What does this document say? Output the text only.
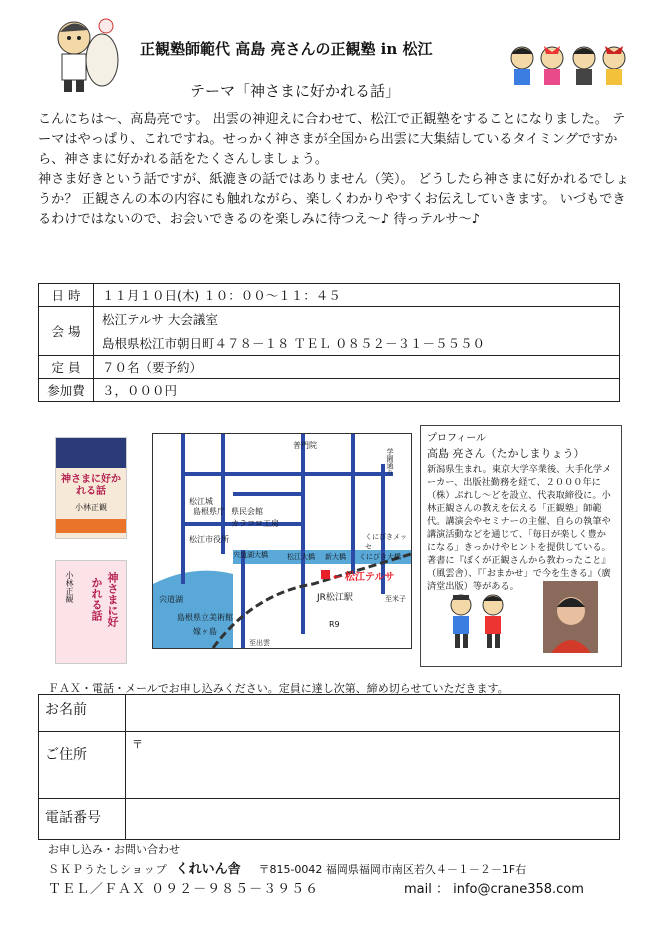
正観塾師範代 高島 亮さんの正観塾 in 松江
テーマ「神さまに好かれる話」

こんにちは～、高島亮です。 出雲の神迎えに合わせて、松江で正観塾をすることになりました。 テーマはやっぱり、これですね。せっかく神さまが全国から出雲に大集結しているタイミングですから、神さまに好かれる話をたくさんしましょう。

神さま好きという話ですが、紙漉きの話ではありません（笑）。 どうしたら神さまに好かれるでしょうか？ 正観さんの本の内容にも触れながら、楽しくわかりやすくお伝えしていきます。 いづもできるわけではないので、お会いできるのを楽しみに待つえ～♪ 待っテルサ～♪

日 時	１１月１０日(木) １０：００～１１：４５
会 場	松江テルサ 大会議室
島根県松江市朝日町４７８－１８ ＴＥＬ ０８５２－３１－５５５０

定 員	７０名（要予約）
参加費	３，０００円
神さまに好かれる話
小林正観
神さまに好かれる話
小林正観
松江城
島根県庁 県民会館
カラコロ工房
島根県立美術館
宍道湖
宍道湖大橋	松江大橋 新大橋 くにびき大橋
くにびきメッセ
JR松江駅
普門院
松江市役所
学園通り
嫁ヶ島
至米子
至出雲
R9
← 松江テルサ
プロフィール
高島 亮さん（たかしまりょう）
新潟県生まれ。東京大学卒業後、大手化学メーカー、出版社勤務を経て、２０００年に（株）ぷれし～どを設立、代表取締役に。小林正観さんの教えを伝える「正観塾」師範代。講演会やセミナーの主催、自らの執筆や講演活動などを通じて、「毎日が楽しく豊かになる」きっかけやヒントを提供している。 著書に『ぼくが正観さんから教わったこと』（風雲舎）、『「おまかせ」で今を生きる』（廣済堂出版）等がある。
ＦＡＸ・電話・メールでお申し込みください。定員に達し次第、締め切らせていただきます。
お名前	
ご住所	〒
電話番号	
お申し込み・お問い合わせ
ＳＫＰうたしショップ くれいん舎 〒815-0042 福岡県福岡市南区若久４－１－２－1F右
ＴＥＬ／ＦＡＸ ０９２－９８５－３９５６	mail ： info@crane358.com
